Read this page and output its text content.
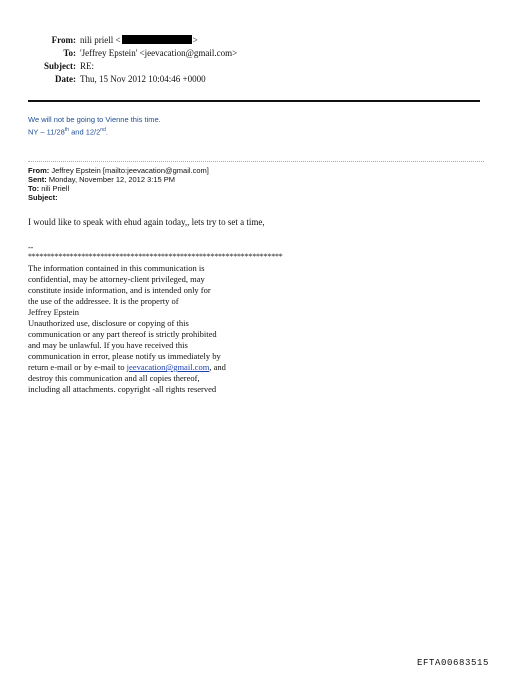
From: nili priell <	>
To: 'Jeffrey Epstein' <jeevacation@gmail.com>
Subject: RE:
Date: Thu, 15 Nov 2012 10:04:46 +0000
We will not be going to Vienne this time.
NY – 11/28th and 12/2nd.
From: Jeffrey Epstein [mailto:jeevacation@gmail.com]
Sent: Monday, November 12, 2012 3:15 PM
To: nili Priell
Subject:
I would like to speak with ehud again today,, lets try to set a time,
--
*******************************************************************
The information contained in this communication is
confidential, may be attorney-client privileged, may
constitute inside information, and is intended only for
the use of the addressee. It is the property of
Jeffrey Epstein
Unauthorized use, disclosure or copying of this
communication or any part thereof is strictly prohibited
and may be unlawful. If you have received this
communication in error, please notify us immediately by
return e-mail or by e-mail to jeevacation@gmail.com, and
destroy this communication and all copies thereof,
including all attachments. copyright -all rights reserved
EFTA00683515
